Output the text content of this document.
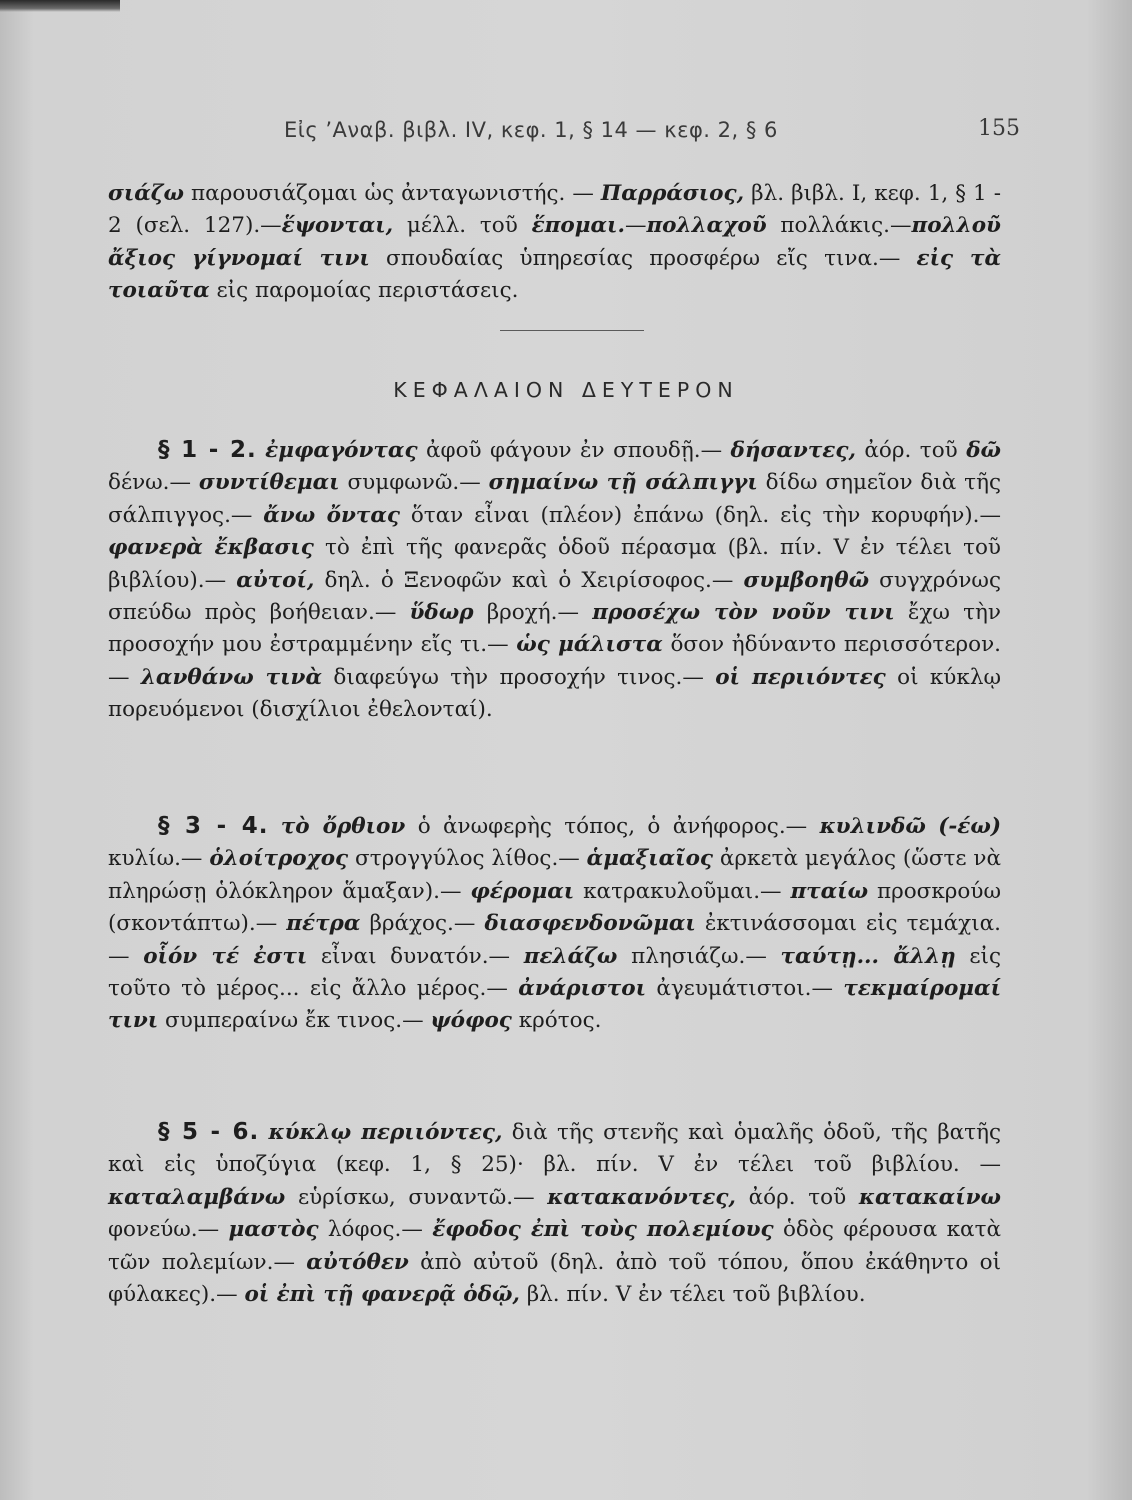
Εἰς ’Αναβ. βιβλ. IV, κεφ. 1, § 14 — κεφ. 2, § 6	155
σιάζω παρουσιάζομαι ὡς ἀνταγωνιστής. — Παρράσιος, βλ. βιβλ. I, κεφ. 1, § 1 - 2 (σελ. 127).—ἕψονται, μέλλ. τοῦ ἕπομαι.—πολλαχοῦ πολλάκις.—πολλοῦ ἄξιος γίγνομαί τινι σπουδαίας ὑπηρεσίας προσφέρω εἴς τινα.— εἰς τὰ τοιαῦτα εἰς παρομοίας περιστάσεις.
ΚΕΦΑΛΑΙΟΝ ΔΕΥΤΕΡΟΝ
§ 1 - 2. ἐμφαγόντας ἀφοῦ φάγουν ἐν σπουδῇ.— δήσαντες, ἀόρ. τοῦ δῶ δένω.— συντίθεμαι συμφωνῶ.— σημαίνω τῇ σάλπιγγι δίδω σημεῖον διὰ τῆς σάλπιγγος.— ἄνω ὄντας ὅταν εἶναι (πλέον) ἐπάνω (δηλ. εἰς τὴν κορυφήν).— φανερὰ ἔκβασις τὸ ἐπὶ τῆς φανερᾶς ὁδοῦ πέρασμα (βλ. πίν. V ἐν τέλει τοῦ βιβλίου).— αὐτοί, δηλ. ὁ Ξενοφῶν καὶ ὁ Χειρίσοφος.— συμβοηθῶ συγχρόνως σπεύδω πρὸς βοήθειαν.— ὕδωρ βροχή.— προσέχω τὸν νοῦν τινι ἔχω τὴν προσοχήν μου ἐστραμμένην εἴς τι.— ὡς μάλιστα ὅσον ἠδύναντο περισσότερον.— λανθάνω τινὰ διαφεύγω τὴν προσοχήν τινος.— οἱ περιιόντες οἱ κύκλῳ πορευόμενοι (δισχίλιοι ἐθελονταί).
§ 3 - 4. τὸ ὄρθιον ὁ ἀνωφερὴς τόπος, ὁ ἀνήφορος.— κυλινδῶ (-έω) κυλίω.— ὁλοίτροχος στρογγύλος λίθος.— ἁμαξιαῖος ἀρκετὰ μεγάλος (ὥστε νὰ πληρώσῃ ὁλόκληρον ἅμαξαν).— φέρομαι κατρακυλοῦμαι.— πταίω προσκρούω (σκοντάπτω).— πέτρα βράχος.— διασφενδονῶμαι ἐκτινάσσομαι εἰς τεμάχια.— οἷόν τέ ἐστι εἶναι δυνατόν.— πελάζω πλησιάζω.— ταύτῃ... ἄλλῃ εἰς τοῦτο τὸ μέρος... εἰς ἄλλο μέρος.— ἀνάριστοι ἀγευμάτιστοι.— τεκμαίρομαί τινι συμπεραίνω ἔκ τινος.— ψόφος κρότος.
§ 5 - 6. κύκλῳ περιιόντες, διὰ τῆς στενῆς καὶ ὁμαλῆς ὁδοῦ, τῆς βατῆς καὶ εἰς ὑποζύγια (κεφ. 1, § 25)· βλ. πίν. V ἐν τέλει τοῦ βιβλίου. — καταλαμβάνω εὑρίσκω, συναντῶ.— κατακανόντες, ἀόρ. τοῦ κατακαίνω φονεύω.— μαστὸς λόφος.— ἔφοδος ἐπὶ τοὺς πολεμίους ὁδὸς φέρουσα κατὰ τῶν πολεμίων.— αὐτόθεν ἀπὸ αὐτοῦ (δηλ. ἀπὸ τοῦ τόπου, ὅπου ἐκάθηντο οἱ φύλακες).— οἱ ἐπὶ τῇ φανερᾷ ὁδῷ, βλ. πίν. V ἐν τέλει τοῦ βιβλίου.
